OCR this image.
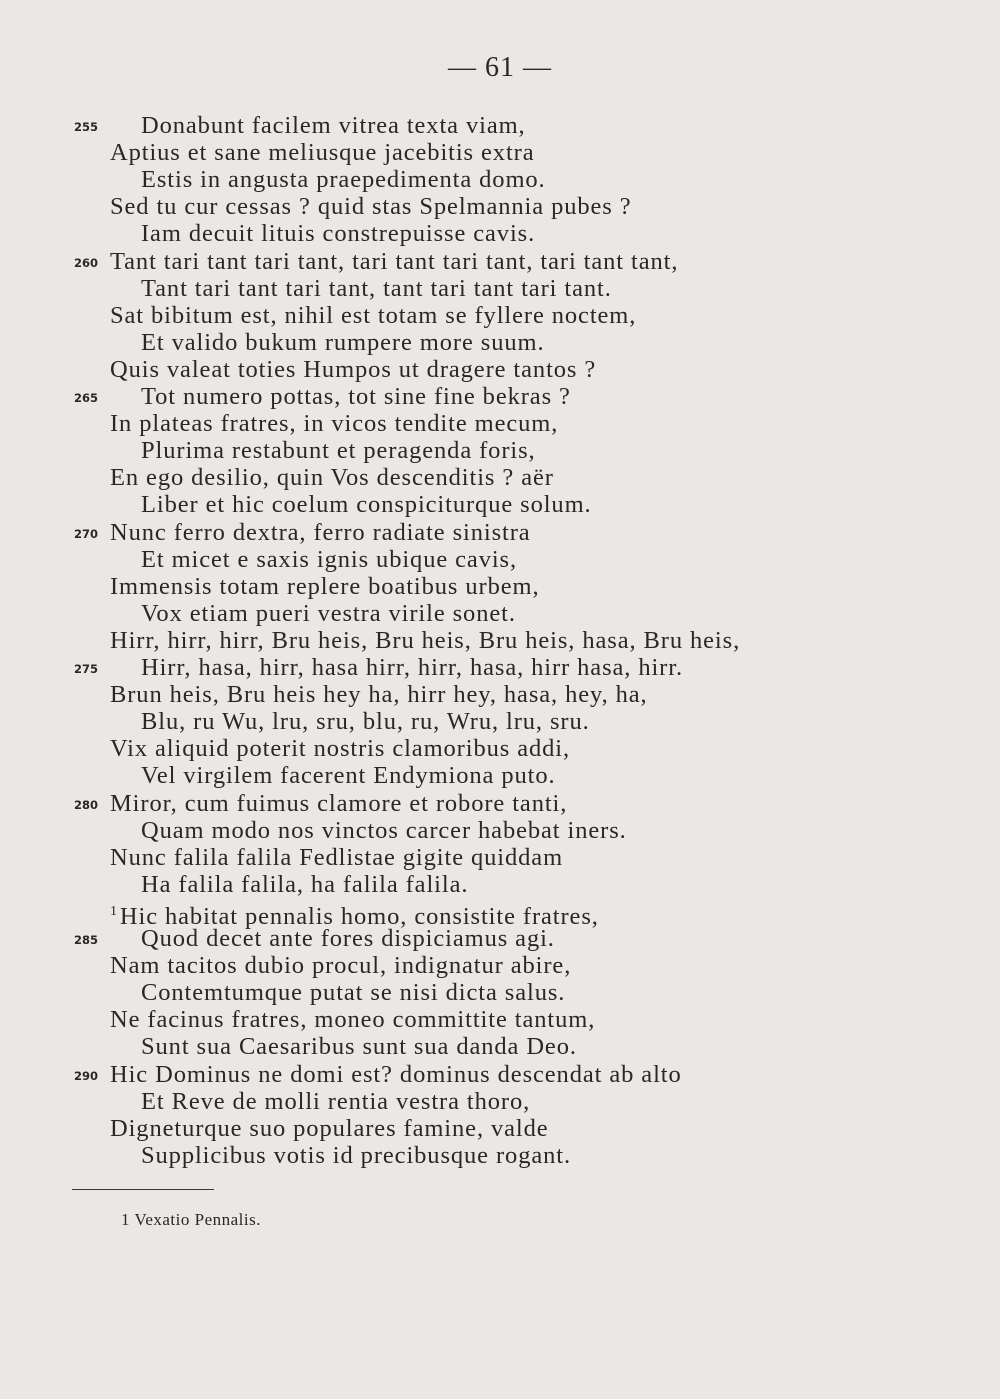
— 61 —
255 Donabunt facilem vitrea texta viam,
Aptius et sane meliusque jacebitis extra
Estis in angusta praepedimenta domo.
Sed tu cur cessas ? quid stas Spelmannia pubes ?
Iam decuit lituis constrepuisse cavis.
260 Tant tari tant tari tant, tari tant tari tant, tari tant tant,
Tant tari tant tari tant, tant tari tant tari tant.
Sat bibitum est, nihil est totam se fyllere noctem,
Et valido bukum rumpere more suum.
Quis valeat toties Humpos ut dragere tantos ?
265 Tot numero pottas, tot sine fine bekras ?
In plateas fratres, in vicos tendite mecum,
Plurima restabunt et peragenda foris,
En ego desilio, quin Vos descenditis ? aër
Liber et hic coelum conspiciturque solum.
270 Nunc ferro dextra, ferro radiate sinistra
Et micet e saxis ignis ubique cavis,
Immensis totam replere boatibus urbem,
Vox etiam pueri vestra virile sonet.
Hirr, hirr, hirr, Bru heis, Bru heis, Bru heis, hasa, Bru heis,
275 Hirr, hasa, hirr, hasa hirr, hirr, hasa, hirr hasa, hirr.
Brun heis, Bru heis hey ha, hirr hey, hasa, hey, ha,
Blu, ru Wu, lru, sru, blu, ru, Wru, lru, sru.
Vix aliquid poterit nostris clamoribus addi,
Vel virgilem facerent Endymiona puto.
280 Miror, cum fuimus clamore et robore tanti,
Quam modo nos vinctos carcer habebat iners.
Nunc falila falila Fedlistae gigite quiddam
Ha falila falila, ha falila falila.
$^1$Hic habitat pennalis homo, consistite fratres,
285 Quod decet ante fores dispiciamus agi.
Nam tacitos dubio procul, indignatur abire,
Contemtumque putat se nisi dicta salus.
Ne facinus fratres, moneo committite tantum,
Sunt sua Caesaribus sunt sua danda Deo.
290 Hic Dominus ne domi est? dominus descendat ab alto
Et Reve de molli rentia vestra thoro,
Digneturque suo populares famine, valde
Supplicibus votis id precibusque rogant.
1 Vexatio Pennalis.
